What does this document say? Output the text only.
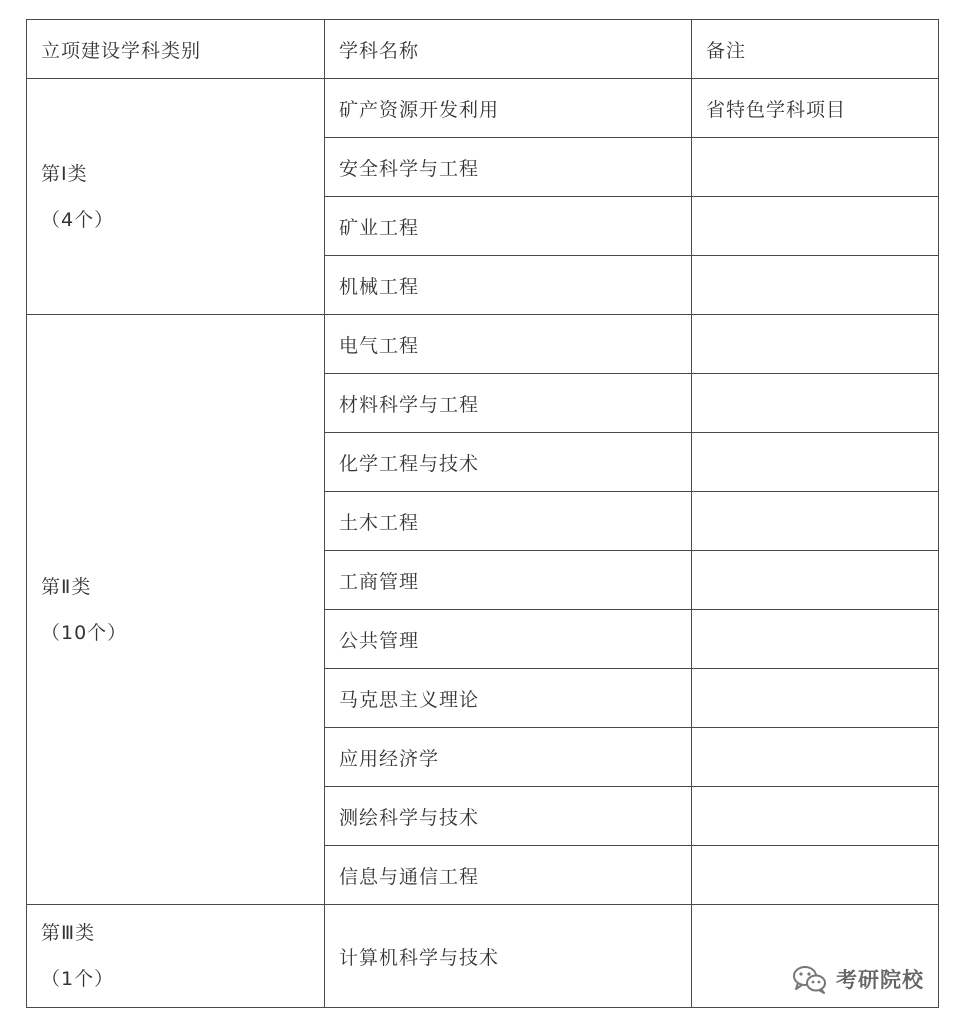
立项建设学科类别	学科名称	备注

第Ⅰ类
（4个）	矿产资源开发利用	省特色学科项目
	安全科学与工程	
	矿业工程	
	机械工程	

第Ⅱ类
（10个）	电气工程	
	材料科学与工程	
	化学工程与技术	
	土木工程	
	工商管理	
	公共管理	
	马克思主义理论	
	应用经济学	
	测绘科学与技术	
	信息与通信工程	

第Ⅲ类
（1个）	计算机科学与技术	
考研院校
